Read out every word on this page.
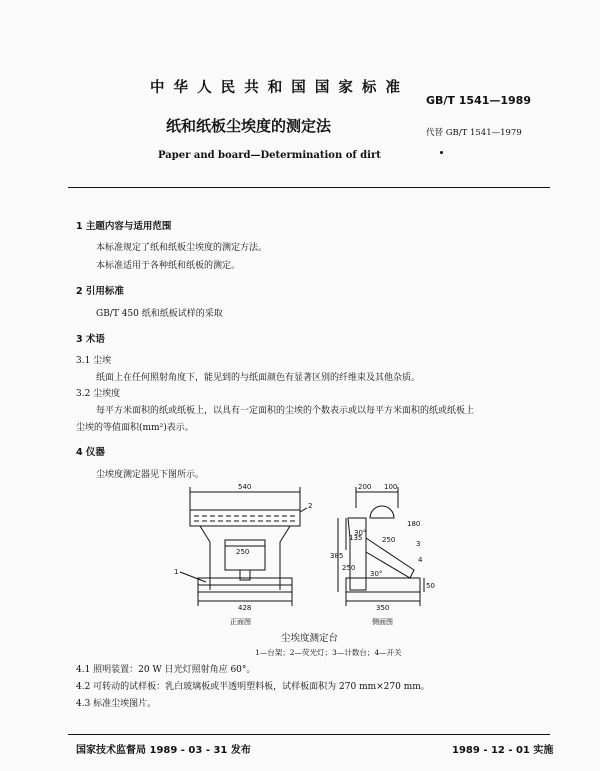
中 华 人 民 共 和 国 国 家 标 准
纸和纸板尘埃度的测定法
Paper and board—Determination of dirt
GB/T 1541—1989
代替 GB/T 1541—1979
1 主题内容与适用范围
本标准规定了纸和纸板尘埃度的测定方法。
本标准适用于各种纸和纸板的测定。
2 引用标准
GB/T 450 纸和纸板试样的采取
3 术语
3.1 尘埃
纸面上在任何照射角度下，能见到的与纸面颜色有显著区别的纤维束及其他杂质。
3.2 尘埃度
每平方米面积的纸或纸板上，以具有一定面积的尘埃的个数表示或以每平方米面积的纸或纸板上
尘埃的等值面积(mm²)表示。
4 仪器
尘埃度测定器见下图所示。
540
250
428
2
1
200 100
180
135
385
250
250
30°
30°
3
4
50
350
正面图	侧面图
尘埃度测定台
1—台架；2—荧光灯；3—计数台；4—开关
4.1 照明装置：20 W 日光灯照射角应 60°。
4.2 可转动的试样板：乳白玻璃板或半透明塑料板，试样板面积为 270 mm×270 mm。
4.3 标准尘埃图片。
国家技术监督局 1989 - 03 - 31 发布	1989 - 12 - 01 实施
